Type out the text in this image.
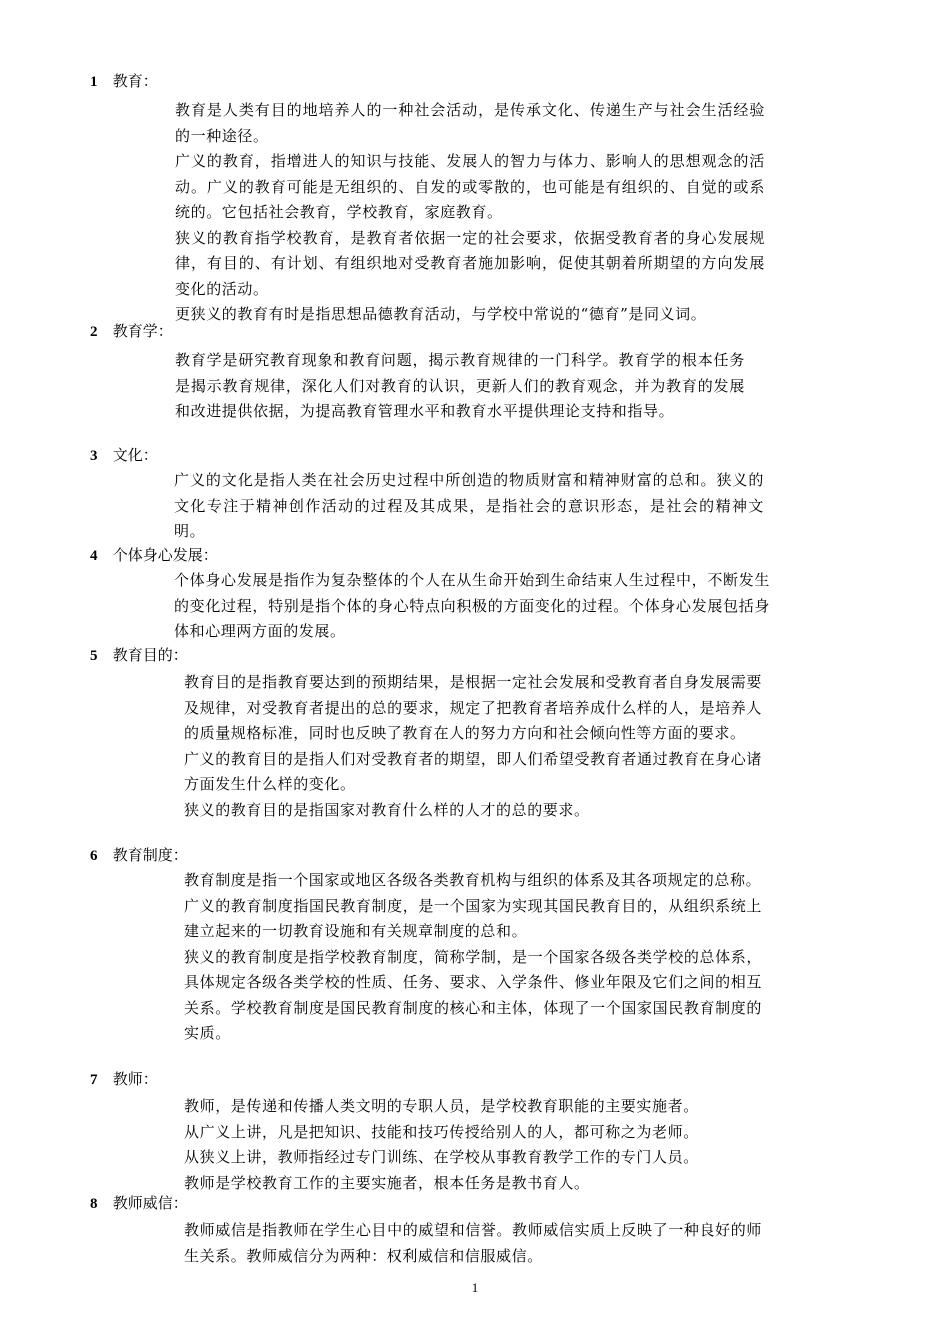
1 教育：
教育是人类有目的地培养人的一种社会活动，是传承文化、传递生产与社会生活经验的一种途径。
广义的教育，指增进人的知识与技能、发展人的智力与体力、影响人的思想观念的活动。广义的教育可能是无组织的、自发的或零散的，也可能是有组织的、自觉的或系统的。它包括社会教育，学校教育，家庭教育。
狭义的教育指学校教育，是教育者依据一定的社会要求，依据受教育者的身心发展规律，有目的、有计划、有组织地对受教育者施加影响，促使其朝着所期望的方向发展变化的活动。
更狭义的教育有时是指思想品德教育活动，与学校中常说的“德育”是同义词。
2 教育学：
教育学是研究教育现象和教育问题，揭示教育规律的一门科学。教育学的根本任务是揭示教育规律，深化人们对教育的认识，更新人们的教育观念，并为教育的发展和改进提供依据，为提高教育管理水平和教育水平提供理论支持和指导。
3 文化：
广义的文化是指人类在社会历史过程中所创造的物质财富和精神财富的总和。狭义的文化专注于精神创作活动的过程及其成果，是指社会的意识形态，是社会的精神文明。
4 个体身心发展：
个体身心发展是指作为复杂整体的个人在从生命开始到生命结束人生过程中，不断发生的变化过程，特别是指个体的身心特点向积极的方面变化的过程。个体身心发展包括身体和心理两方面的发展。
5 教育目的：
教育目的是指教育要达到的预期结果，是根据一定社会发展和受教育者自身发展需要及规律，对受教育者提出的总的要求，规定了把教育者培养成什么样的人，是培养人的质量规格标准，同时也反映了教育在人的努力方向和社会倾向性等方面的要求。
广义的教育目的是指人们对受教育者的期望，即人们希望受教育者通过教育在身心诸方面发生什么样的变化。
狭义的教育目的是指国家对教育什么样的人才的总的要求。
6 教育制度：
教育制度是指一个国家或地区各级各类教育机构与组织的体系及其各项规定的总称。
广义的教育制度指国民教育制度，是一个国家为实现其国民教育目的，从组织系统上建立起来的一切教育设施和有关规章制度的总和。
狭义的教育制度是指学校教育制度，简称学制，是一个国家各级各类学校的总体系，具体规定各级各类学校的性质、任务、要求、入学条件、修业年限及它们之间的相互关系。学校教育制度是国民教育制度的核心和主体，体现了一个国家国民教育制度的实质。
7 教师：
教师，是传递和传播人类文明的专职人员，是学校教育职能的主要实施者。
从广义上讲，凡是把知识、技能和技巧传授给别人的人，都可称之为老师。
从狭义上讲，教师指经过专门训练、在学校从事教育教学工作的专门人员。
教师是学校教育工作的主要实施者，根本任务是教书育人。
8 教师威信：
教师威信是指教师在学生心目中的威望和信誉。教师威信实质上反映了一种良好的师生关系。教师威信分为两种：权利威信和信服威信。
1
